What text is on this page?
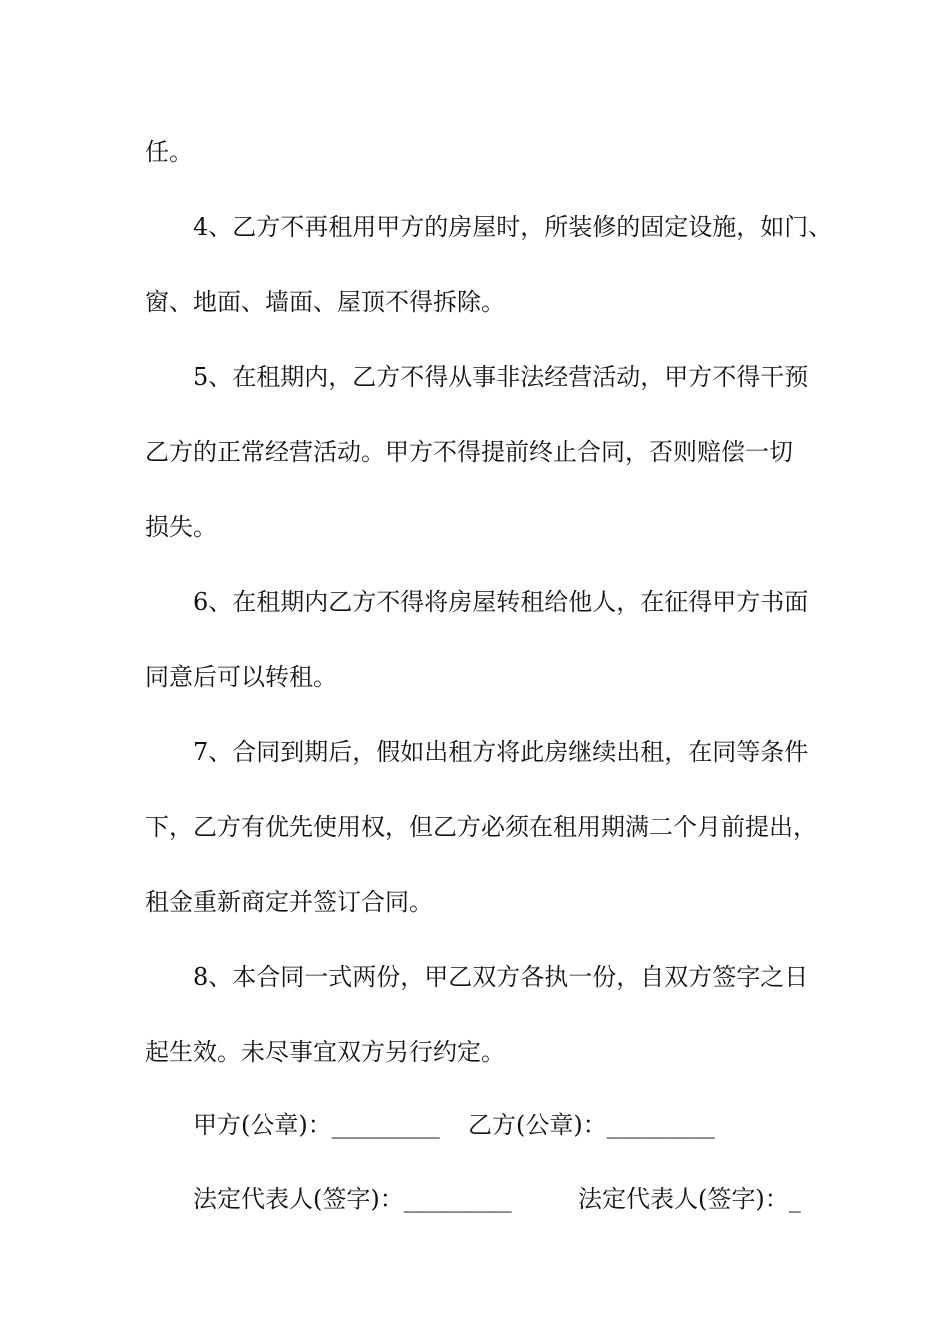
任。

4、乙方不再租用甲方的房屋时，所装修的固定设施，如门、

窗、地面、墙面、屋顶不得拆除。

5、在租期内，乙方不得从事非法经营活动，甲方不得干预

乙方的正常经营活动。甲方不得提前终止合同，否则赔偿一切

损失。

6、在租期内乙方不得将房屋转租给他人，在征得甲方书面

同意后可以转租。

7、合同到期后，假如出租方将此房继续出租，在同等条件

下，乙方有优先使用权，但乙方必须在租用期满二个月前提出，

租金重新商定并签订合同。

8、本合同一式两份，甲乙双方各执一份，自双方签字之日

起生效。未尽事宜双方另行约定。

甲方(公章)：_________ 乙方(公章)：_________
法定代表人(签字)：_________	法定代表人(签字)：_
